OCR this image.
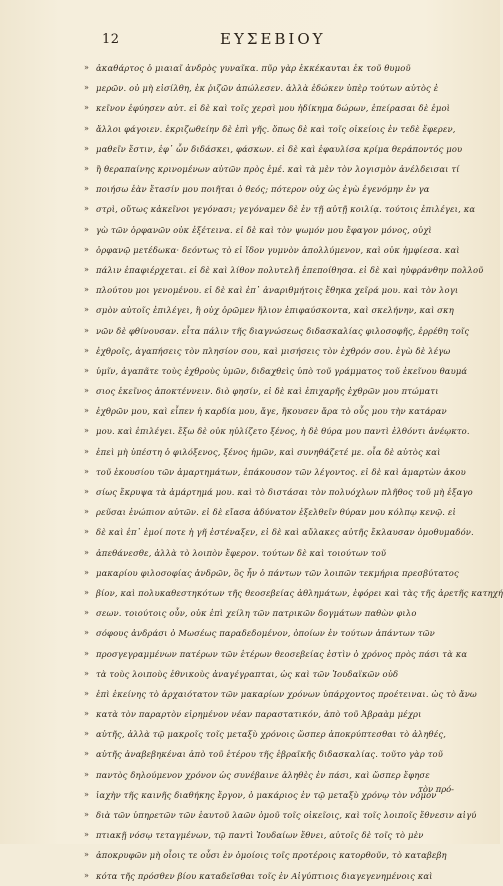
12	ΕΥΣΕΒΙΟΥ
» ἀκαθάρτος ὁ μιαιαῖ ἀνδρὸς γυναῖκα. πῦρ γὰρ ἐκκέκαυται ἐκ τοῦ θυμοῦ
» μερῶν. οὐ μὴ εἰσίλθη, ἐκ ῥιζῶν ἀπώλεσεν. ἀλλὰ ἐδώκεν ὑπὲρ τούτων αὐτὸς ἐ
» κεῖνον ἐφύησεν αὐτ. εἰ δὲ καὶ τοῖς χερσὶ μου ἠδίκημα δώρων, ἐπείρασαι δὲ ἐμοὶ
» ἄλλοι φάγοιεν. ἐκριζωθείην δὲ ἐπὶ γῆς. ὅπως δὲ καὶ τοῖς οἰκείοις ἐν τεδὲ ἔφερεν,
» μαθεῖν ἔστιν, ἐφ᾽ ὧν διδάσκει, φάσκων. εἰ δὲ καὶ ἐφαυλίσα κρίμα θεράποντός μου
» ἢ θεραπαίνης κρινομένων αὐτῶν πρὸς ἐμέ. καὶ τὰ μὲν τὸν λογισμὸν ἀνέλδεισαι τί
» ποιήσω ἐὰν ἔτασίν μου ποιῆται ὁ θεός; πότερον οὐχ ὡς ἐγὼ ἐγενόμην ἐν γα
» στρὶ, οὕτως κἀκεῖνοι γεγόνασι; γεγόναμεν δὲ ἐν τῇ αὐτῇ κοιλίᾳ. τούτοις ἐπιλέγει, κα
» γὼ τῶν ὀρφανῶν οὐκ ἐξέτεινα. εἰ δὲ καὶ τὸν ψωμόν μου ἔφαγον μόνος, οὐχὶ
» ὀρφανῷ μετέδωκα· δεόντως τὸ εἰ ἴδον γυμνὸν ἀπολλύμενον, καὶ οὐκ ἠμφίεσα. καὶ
» πάλιν ἐπαφιέρχεται. εἰ δὲ καὶ λίθον πολυτελῆ ἐπεποίθησα. εἰ δὲ καὶ ηὐφράνθην πολλοῦ
» πλούτου μοι γενομένου. εἰ δὲ καὶ ἐπ᾽ ἀναριθμήτοις ἔθηκα χεῖρά μου. καὶ τὸν λογι
» σμὸν αὐτοῖς ἐπιλέγει, ἢ οὐχ ὁρῶμεν ἥλιον ἐπιφαύσκοντα, καὶ σκελήνην, καὶ σκη
» νῶν δὲ φθίνουσαν. εἶτα πάλιν τῆς διαγνώσεως διδασκαλίας φιλοσοφῆς, ἐρρέθη τοῖς
» ἐχθροῖς, ἀγαπήσεις τὸν πλησίον σου, καὶ μισήσεις τὸν ἐχθρόν σου. ἐγὼ δὲ λέγω
» ὑμῖν, ἀγαπᾶτε τοὺς ἐχθροὺς ὑμῶν, διδαχθεὶς ὑπὸ τοῦ γράμματος τοῦ ἐκεῖνου θαυμά
» σιος ἐκεῖνος ἀποκτέννειν. διὸ φησίν, εἰ δὲ καὶ ἐπιχαρῆς ἐχθρῶν μου πτώματι
» ἐχθρῶν μου, καὶ εἶπεν ἡ καρδία μου, ἄγε, ἤκουσεν ἄρα τὸ οὖς μου τὴν κατάραν
» μου. καὶ ἐπιλέγει. ἔξω δὲ οὐκ ηὐλίζετο ξένος, ἡ δὲ θύρα μου παντὶ ἐλθόντι ἀνέῳκτο.
» ἐπεὶ μὴ ὑπέστη ὁ φιλόξενος, ξένος ἡμῶν, καὶ συνηθάζετέ με. οἷα δὲ αὐτὸς καὶ
» τοῦ ἑκουσίου τῶν ἁμαρτημάτων, ἐπάκουσον τῶν λέγοντος. εἰ δὲ καὶ ἁμαρτὼν ἀκου
» σίως ἔκρυψα τὰ ἁμάρτημά μου. καὶ τὸ διστάσαι τὸν πολυόχλων πλῆθος τοῦ μὴ ἐξαγο
» ρεῦσαι ἐνώπιον αὐτῶν. εἰ δὲ εἴασα ἀδύνατον ἐξελθεῖν θύραν μου κόλπῳ κενῷ. εἰ
» δὲ καὶ ἐπ᾽ ἐμοί ποτε ἡ γῆ ἐστέναξεν, εἰ δὲ καὶ αὔλακες αὐτῆς ἔκλαυσαν ὁμοθυμαδόν.
» ἀπεθάνεσθε, ἀλλὰ τὸ λοιπὸν ἔφερον. τούτων δὲ καὶ τοιούτων τοῦ
» μακαρίου φιλοσοφίας ἀνδρῶν, ὃς ἦν ὁ πάντων τῶν λοιπῶν τεκμήρια πρεσβύτατος
» βίον, καὶ πολυκαθεστηκότων τῆς θεοσεβείας ἀθλημάτων, ἐφόρει καὶ τὰς τῆς ἀρετῆς κατηχή
» σεων. τοιούτοις οὖν, οὐκ ἐπὶ χείλη τῶν πατρικῶν δογμάτων παθὼν φιλο
» σόφους ἀνδράσι ὁ Μωσέως παραδεδομένον, ὁποίων ἐν τούτων ἀπάντων τῶν
» προσγεγραμμένων πατέρων τῶν ἑτέρων θεοσεβείας ἐστὶν ὁ χρόνος πρὸς πάσι τὰ κα
» τὰ τοὺς λοιποὺς ἐθνικοὺς ἀναγέγραπται, ὡς καὶ τῶν Ἰουδαϊκῶν οὐδ
» ἐπὶ ἐκείνης τὸ ἀρχαιότατον τῶν μακαρίων χρόνων ὑπάρχοντος προέτειναι. ὡς τὸ ἄνω
» κατὰ τὸν παραρτὸν εἰρημένον νέαν παραστατικόν, ἀπὸ τοῦ Ἀβραὰμ μέχρι
» αὐτῆς, ἀλλὰ τῷ μακροῖς τοῖς μεταξὺ χρόνοις ὥσπερ ἀποκρύπτεσθαι τὸ ἀληθές,
» αὐτῆς ἀναβεβηκέναι ἀπὸ τοῦ ἑτέρου τῆς ἑβραϊκῆς διδασκαλίας. τοῦτο γὰρ τοῦ
» παντὸς δηλούμενον χρόνον ὡς συνέβαινε ἀληθὲς ἐν πάσι, καὶ ὥσπερ ἔφησε
» ἰαχὴν τῆς καινῆς διαθήκης ἔργον, ὁ μακάριος ἐν τῷ μεταξὺ χρόνῳ τὸν νόμον
» διὰ τῶν ὑπηρετῶν τῶν ἑαυτοῦ λαῶν ὁμοῦ τοῖς οἰκεῖοις, καὶ τοῖς λοιποῖς ἔθνεσιν αἰγύ
» πτιακῇ νόσῳ τεταγμένων, τῷ παντὶ Ἰουδαίων ἔθνει, αὐτοῖς δὲ τοῖς τὸ μὲν
» ἀποκρυφῶν μὴ οἷοις τε οὖσι ἐν ὁμοίοις τοῖς προτέροις κατορθοῦν, τὸ καταβεβη
» κότα τῆς πρόσθεν βίου καταδεῖσθαι τοῖς ἐν Αἰγύπτιοις διαγεγενημένοις καὶ
τὸν πρό-
